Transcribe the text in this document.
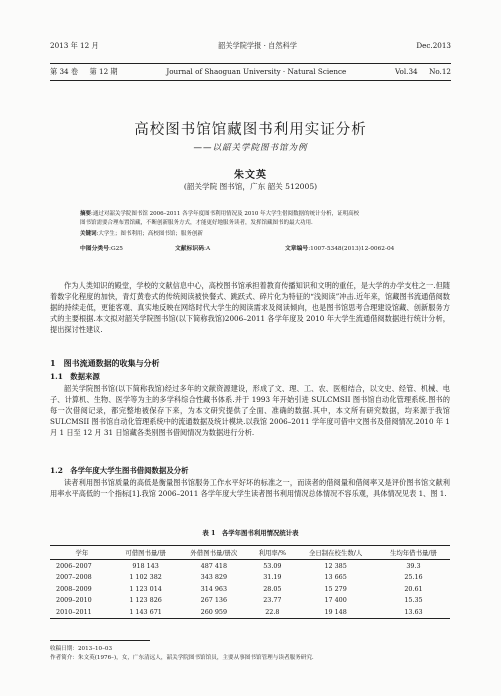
2013 年 12 月	韶关学院学报 · 自然科学	Dec.2013
第 34 卷 第 12 期	Journal of Shaoguan University · Natural Science	Vol.34 No.12
高校图书馆馆藏图书利用实证分析
——以韶关学院图书馆为例
朱文英
(韶关学院 图书馆，广东 韶关 512005)
摘要:通过对韶关学院图书馆 2006–2011 各学年度图书利用情况及 2010 年大学生借阅数据的统计分析，证明高校
图书馆需要合理布置馆藏，不断创新服务方式，才能更好地服务读者，发挥馆藏图书的最大功用.
关键词:大学生；图书利用；高校图书馆；服务创新
中图分类号:G25	文献标识码:A	文章编号:1007-5348(2013)12-0062-04

作为人类知识的殿堂，学校的文献信息中心，高校图书馆承担着教育传播知识和文明的重任，是大学的办学支柱之一.但随着数字化程度的加快，青灯黄卷式的传统阅读被快餐式、跳跃式、碎片化为特征的“浅阅读”冲击.近年来，馆藏图书流通借阅数据的持续走低，更能客观、真实地反映在网络时代大学生的阅读需求及阅读倾向，也是图书馆思考合理建设馆藏、创新服务方式的主要根据.本文拟对韶关学院图书馆(以下简称我馆)2006–2011 各学年度及 2010 年大学生流通借阅数据进行统计分析，提出探讨性建议.

1　图书流通数据的收集与分析
1.1　数据来源

韶关学院图书馆(以下简称我馆)经过多年的文献资源建设，形成了文、理、工、农、医相结合，以文史、经管、机械、电子、计算机、生物、医学等为主的多学科综合性藏书体系.并于 1993 年开始引进 SULCMSII 图书馆自动化管理系统.图书的每一次借阅记录，都完整地被保存下来，为本文研究提供了全面、准确的数据.其中，本文所有研究数据，均来源于我馆 SULCMSII 图书馆自动化管理系统中的流通数据及统计模块.以我馆 2006–2011 学年度可借中文图书及借阅情况.2010 年 1 月 1 日至 12 月 31 日馆藏各类别图书借阅情况为数据进行分析.

1.2　各学年度大学生图书借阅数据及分析

读者利用图书馆质量的高低是衡量图书馆服务工作水平好坏的标准之一，而读者的借阅量和借阅率又是评价图书馆文献利用率水平高低的一个指标[1].我馆 2006–2011 各学年度大学生读者图书利用情况总体情况不容乐观，具体情况见表 1、图 1.

表 1　各学年图书利用情况统计表
学年	可借图书量/册	外借图书量/册次	利用率/%	全日制在校生数/人	生均年借书量/册
2006–2007	918 143	487 418	53.09	12 385	39.3
2007–2008	1 102 382	343 829	31.19	13 665	25.16
2008–2009	1 123 014	314 963	28.05	15 279	20.61
2009–2010	1 123 826	267 136	23.77	17 400	15.35
2010–2011	1 143 671	260 959	22.8	19 148	13.63
收稿日期：2013–10–03
作者简介：朱文英(1976–)，女，广东清远人，韶关学院图书馆馆员，主要从事图书馆管理与读者服务研究.
